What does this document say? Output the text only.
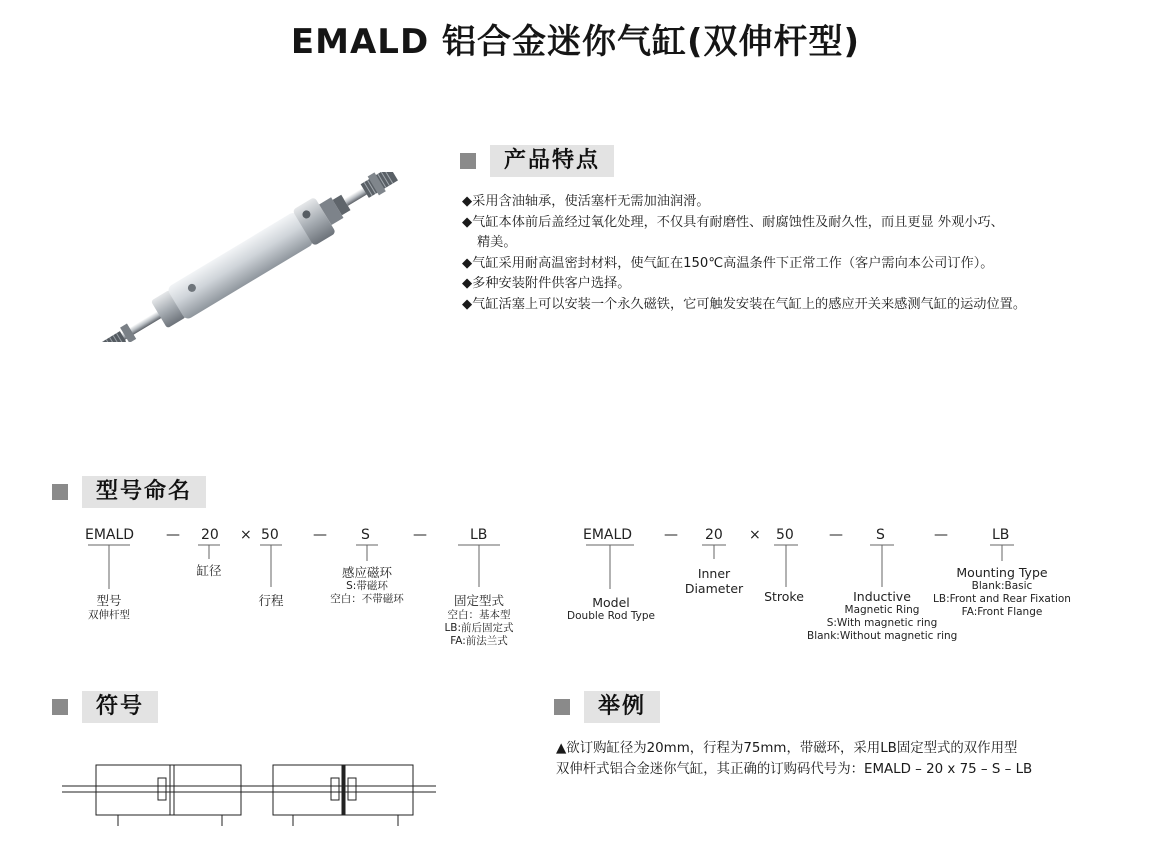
EMALD 铝合金迷你气缸(双伸杆型)
产品特点
◆采用含油轴承，使活塞杆无需加油润滑。
◆气缸本体前后盖经过氧化处理，不仅具有耐磨性、耐腐蚀性及耐久性，而且更显 外观小巧、
精美。
◆气缸采用耐高温密封材料，使气缸在150℃高温条件下正常工作（客户需向本公司订作）。
◆多种安装附件供客户选择。
◆气缸活塞上可以安装一个永久磁铁，它可触发安装在气缸上的感应开关来感测气缸的运动位置。
型号命名
EMALD — 20 × 50 — S	—	LB
型号
双伸杆型
缸径
行程
感应磁环
S:带磁环
空白：不带磁环	固定型式
空白：基本型
LB:前后固定式
FA:前法兰式
EMALD — 20 × 50	— S	—	LB
Model
Double Rod Type
Inner
Diameter
Stroke	Inductive
Magnetic Ring
S:With magnetic ring
Blank:Without magnetic ring
Mounting Type
Blank:Basic
LB:Front and Rear Fixation
FA:Front Flange
符号	举例
▲欲订购缸径为20mm，行程为75mm，带磁环，采用LB固定型式的双作用型
双伸杆式铝合金迷你气缸，其正确的订购码代号为：EMALD – 20 x 75 – S – LB
